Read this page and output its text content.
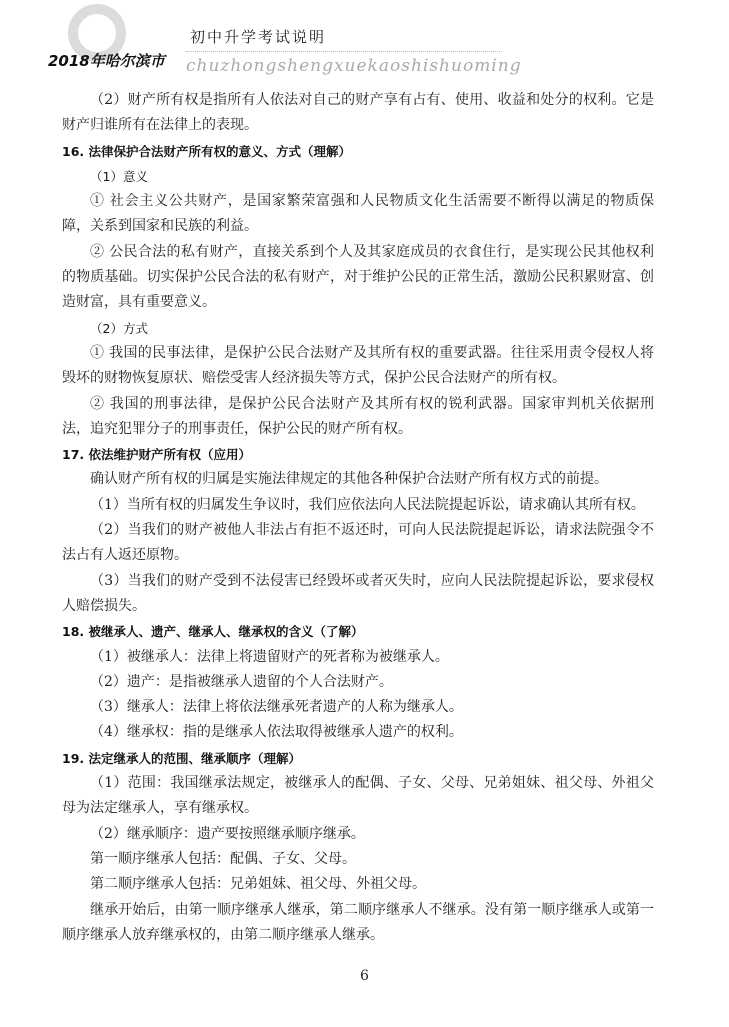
初中升学考试说明
2018年哈尔滨市 chuzhongshengxuekaoshishuoming

（2）财产所有权是指所有人依法对自己的财产享有占有、使用、收益和处分的权利。它是财产归谁所有在法律上的表现。

16. 法律保护合法财产所有权的意义、方式（理解）

（1）意义

① 社会主义公共财产，是国家繁荣富强和人民物质文化生活需要不断得以满足的物质保障，关系到国家和民族的利益。

② 公民合法的私有财产，直接关系到个人及其家庭成员的衣食住行，是实现公民其他权利的物质基础。切实保护公民合法的私有财产，对于维护公民的正常生活，激励公民积累财富、创造财富，具有重要意义。

（2）方式

① 我国的民事法律，是保护公民合法财产及其所有权的重要武器。往往采用责令侵权人将毁坏的财物恢复原状、赔偿受害人经济损失等方式，保护公民合法财产的所有权。

② 我国的刑事法律，是保护公民合法财产及其所有权的锐利武器。国家审判机关依据刑法，追究犯罪分子的刑事责任，保护公民的财产所有权。

17. 依法维护财产所有权（应用）

确认财产所有权的归属是实施法律规定的其他各种保护合法财产所有权方式的前提。

（1）当所有权的归属发生争议时，我们应依法向人民法院提起诉讼，请求确认其所有权。

（2）当我们的财产被他人非法占有拒不返还时，可向人民法院提起诉讼，请求法院强令不法占有人返还原物。

（3）当我们的财产受到不法侵害已经毁坏或者灭失时，应向人民法院提起诉讼，要求侵权人赔偿损失。

18. 被继承人、遗产、继承人、继承权的含义（了解）

（1）被继承人：法律上将遗留财产的死者称为被继承人。

（2）遗产：是指被继承人遗留的个人合法财产。

（3）继承人：法律上将依法继承死者遗产的人称为继承人。

（4）继承权：指的是继承人依法取得被继承人遗产的权利。

19. 法定继承人的范围、继承顺序（理解）

（1）范围：我国继承法规定，被继承人的配偶、子女、父母、兄弟姐妹、祖父母、外祖父母为法定继承人，享有继承权。

（2）继承顺序：遗产要按照继承顺序继承。

第一顺序继承人包括：配偶、子女、父母。

第二顺序继承人包括：兄弟姐妹、祖父母、外祖父母。

继承开始后，由第一顺序继承人继承，第二顺序继承人不继承。没有第一顺序继承人或第一顺序继承人放弃继承权的，由第二顺序继承人继承。

6
